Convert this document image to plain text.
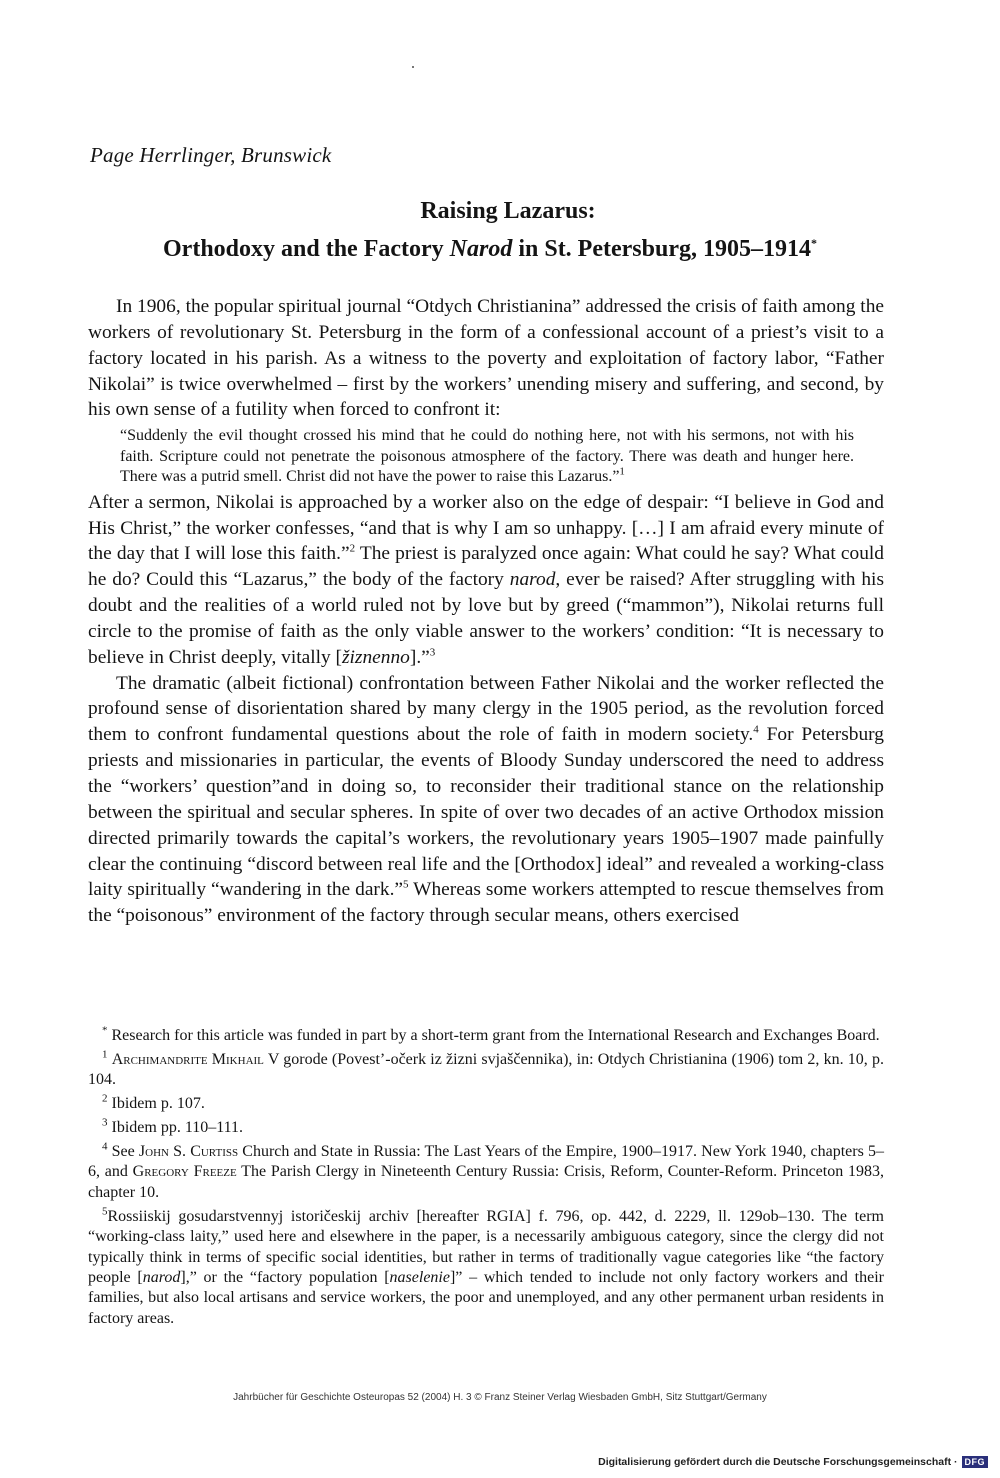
Page Herrlinger, Brunswick
Raising Lazarus:
Orthodoxy and the Factory Narod in St. Petersburg, 1905–1914*

In 1906, the popular spiritual journal “Otdych Christianina” addressed the crisis of faith among the workers of revolutionary St. Petersburg in the form of a confessional account of a priest’s visit to a factory located in his parish. As a witness to the poverty and exploitation of factory labor, “Father Nikolai” is twice overwhelmed – first by the workers’ unending misery and suffering, and second, by his own sense of a futility when forced to confront it:

“Suddenly the evil thought crossed his mind that he could do nothing here, not with his sermons, not with his faith. Scripture could not penetrate the poisonous atmosphere of the factory. There was death and hunger here. There was a putrid smell. Christ did not have the power to raise this Lazarus.”$^1$

After a sermon, Nikolai is approached by a worker also on the edge of despair: “I believe in God and His Christ,” the worker confesses, “and that is why I am so unhappy. […] I am afraid every minute of the day that I will lose this faith.”$^2$ The priest is paralyzed once again: What could he say? What could he do? Could this “Lazarus,” the body of the factory narod, ever be raised? After struggling with his doubt and the realities of a world ruled not by love but by greed (“mammon”), Nikolai returns full circle to the promise of faith as the only viable answer to the workers’ condition: “It is necessary to believe in Christ deeply, vitally [žiznenno].”$^3$

The dramatic (albeit fictional) confrontation between Father Nikolai and the worker reflected the profound sense of disorientation shared by many clergy in the 1905 period, as the revolution forced them to confront fundamental questions about the role of faith in modern society.$^4$ For Petersburg priests and missionaries in particular, the events of Bloody Sunday underscored the need to address the “workers’ question”and in doing so, to reconsider their traditional stance on the relationship between the spiritual and secular spheres. In spite of over two decades of an active Orthodox mission directed primarily towards the capital’s workers, the revolutionary years 1905–1907 made painfully clear the continuing “discord between real life and the [Orthodox] ideal” and revealed a working-class laity spiritually “wandering in the dark.”$^5$ Whereas some workers attempted to rescue themselves from the “poisonous” environment of the factory through secular means, others exercised

* Research for this article was funded in part by a short-term grant from the International Research and Exchanges Board.

$^1$ Archimandrite Mikhail V gorode (Povest’-očerk iz žizni svjaščennika), in: Otdych Christianina (1906) tom 2, kn. 10, p. 104.

$^2$ Ibidem p. 107.

$^3$ Ibidem pp. 110–111.

$^4$ See John S. Curtiss Church and State in Russia: The Last Years of the Empire, 1900–1917. New York 1940, chapters 5–6, and Gregory Freeze The Parish Clergy in Nineteenth Century Russia: Crisis, Reform, Counter-Reform. Princeton 1983, chapter 10.

$^5$Rossiiskij gosudarstvennyj istoričeskij archiv [hereafter RGIA] f. 796, op. 442, d. 2229, ll. 129ob–130. The term “working-class laity,” used here and elsewhere in the paper, is a necessarily ambiguous category, since the clergy did not typically think in terms of specific social identities, but rather in terms of traditionally vague categories like “the factory people [narod],” or the “factory population [naselenie]” – which tended to include not only factory workers and their families, but also local artisans and service workers, the poor and unemployed, and any other permanent urban residents in factory areas.

Jahrbücher für Geschichte Osteuropas 52 (2004) H. 3 © Franz Steiner Verlag Wiesbaden GmbH, Sitz Stuttgart/Germany
Digitalisierung gefördert durch die Deutsche Forschungsgemeinschaft · DFG
